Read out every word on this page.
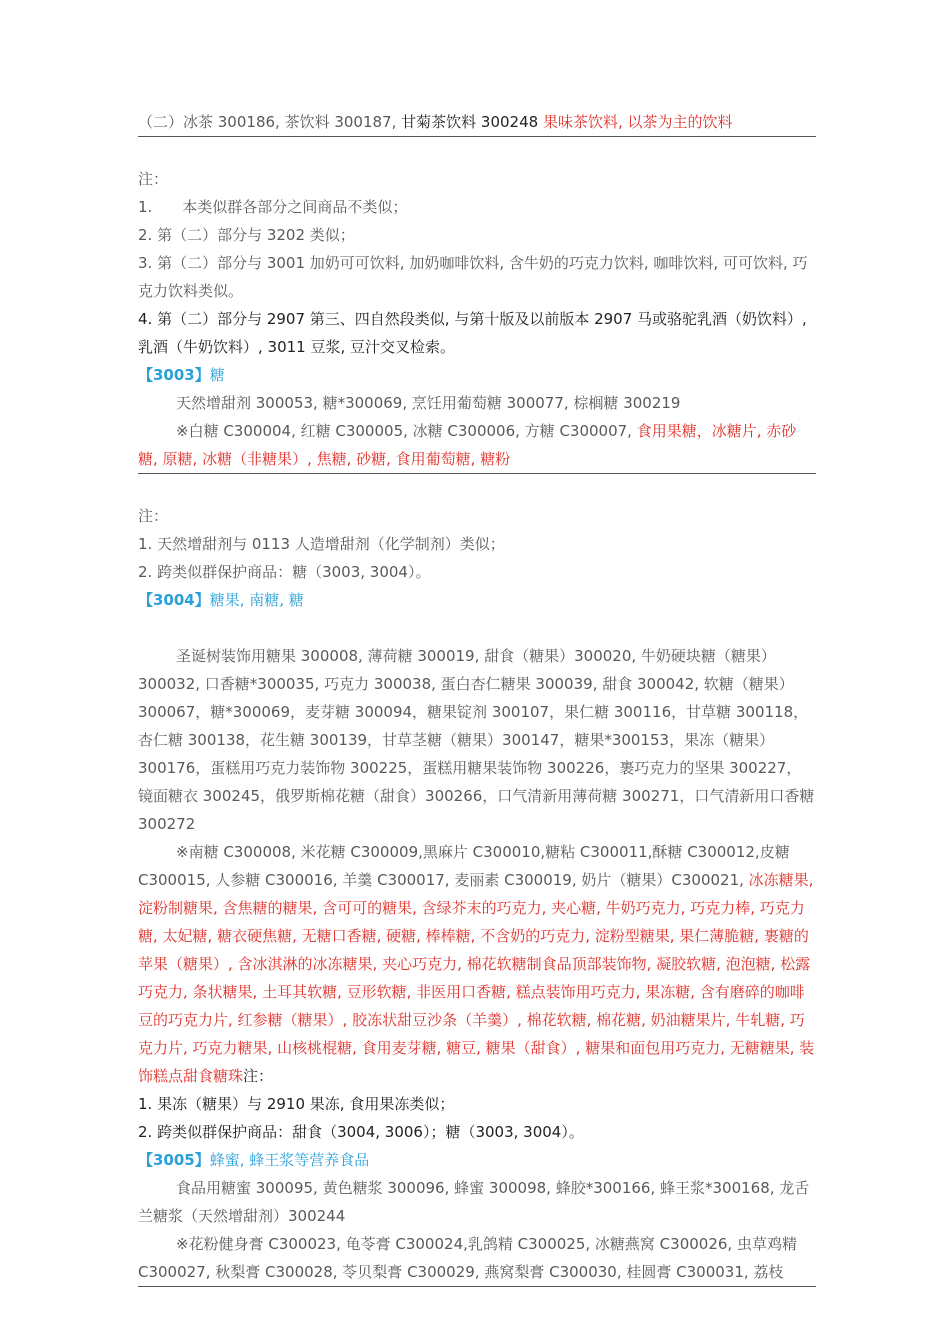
（二）冰茶 300186, 茶饮料 300187, 甘菊茶饮料 300248 果味茶饮料, 以茶为主的饮料

注：

1.　　本类似群各部分之间商品不类似；

2. 第（二）部分与 3202 类似；

3. 第（二）部分与 3001 加奶可可饮料, 加奶咖啡饮料, 含牛奶的巧克力饮料, 咖啡饮料, 可可饮料, 巧克力饮料类似。

4. 第（二）部分与 2907 第三、四自然段类似, 与第十版及以前版本 2907 马或骆驼乳酒（奶饮料）, 乳酒（牛奶饮料）, 3011 豆浆, 豆汁交叉检索。

【3003】糖

天然增甜剂 300053, 糖*300069, 烹饪用葡萄糖 300077, 棕榈糖 300219

※白糖 C300004, 红糖 C300005, 冰糖 C300006, 方糖 C300007, 食用果糖，冰糖片, 赤砂糖, 原糖, 冰糖（非糖果）, 焦糖, 砂糖, 食用葡萄糖, 糖粉

注：

1. 天然增甜剂与 0113 人造增甜剂（化学制剂）类似；

2. 跨类似群保护商品：糖（3003, 3004）。

【3004】糖果, 南糖, 糖

圣诞树装饰用糖果 300008, 薄荷糖 300019, 甜食（糖果）300020, 牛奶硬块糖（糖果）300032, 口香糖*300035, 巧克力 300038, 蛋白杏仁糖果 300039, 甜食 300042, 软糖（糖果）300067，糖*300069，麦芽糖 300094，糖果锭剂 300107，果仁糖 300116，甘草糖 300118，杏仁糖 300138，花生糖 300139，甘草茎糖（糖果）300147，糖果*300153，果冻（糖果）300176，蛋糕用巧克力装饰物 300225，蛋糕用糖果装饰物 300226，裹巧克力的坚果 300227，镜面糖衣 300245，俄罗斯棉花糖（甜食）300266，口气清新用薄荷糖 300271，口气清新用口香糖 300272

※南糖 C300008, 米花糖 C300009,黑麻片 C300010,糖粘 C300011,酥糖 C300012,皮糖 C300015, 人参糖 C300016, 羊羹 C300017, 麦丽素 C300019, 奶片（糖果）C300021, 冰冻糖果, 淀粉制糖果, 含焦糖的糖果, 含可可的糖果, 含绿芥末的巧克力, 夹心糖, 牛奶巧克力, 巧克力棒, 巧克力糖, 太妃糖, 糖衣硬焦糖, 无糖口香糖, 硬糖, 棒棒糖, 不含奶的巧克力, 淀粉型糖果, 果仁薄脆糖, 裹糖的苹果（糖果）, 含冰淇淋的冰冻糖果, 夹心巧克力, 棉花软糖制食品顶部装饰物, 凝胶软糖, 泡泡糖, 松露巧克力, 条状糖果, 土耳其软糖, 豆形软糖, 非医用口香糖, 糕点装饰用巧克力, 果冻糖, 含有磨碎的咖啡豆的巧克力片, 红参糖（糖果）, 胶冻状甜豆沙条（羊羹）, 棉花软糖, 棉花糖, 奶油糖果片, 牛轧糖, 巧克力片, 巧克力糖果, 山核桃棍糖, 食用麦芽糖, 糖豆, 糖果（甜食）, 糖果和面包用巧克力, 无糖糖果, 装饰糕点甜食糖珠注：

1. 果冻（糖果）与 2910 果冻, 食用果冻类似；

2. 跨类似群保护商品：甜食（3004, 3006）；糖（3003, 3004）。

【3005】蜂蜜, 蜂王浆等营养食品

食品用糖蜜 300095, 黄色糖浆 300096, 蜂蜜 300098, 蜂胶*300166, 蜂王浆*300168, 龙舌兰糖浆（天然增甜剂）300244

※花粉健身膏 C300023, 龟苓膏 C300024,乳鸽精 C300025, 冰糖燕窝 C300026, 虫草鸡精 C300027, 秋梨膏 C300028, 苓贝梨膏 C300029, 燕窝梨膏 C300030, 桂圆膏 C300031, 荔枝
